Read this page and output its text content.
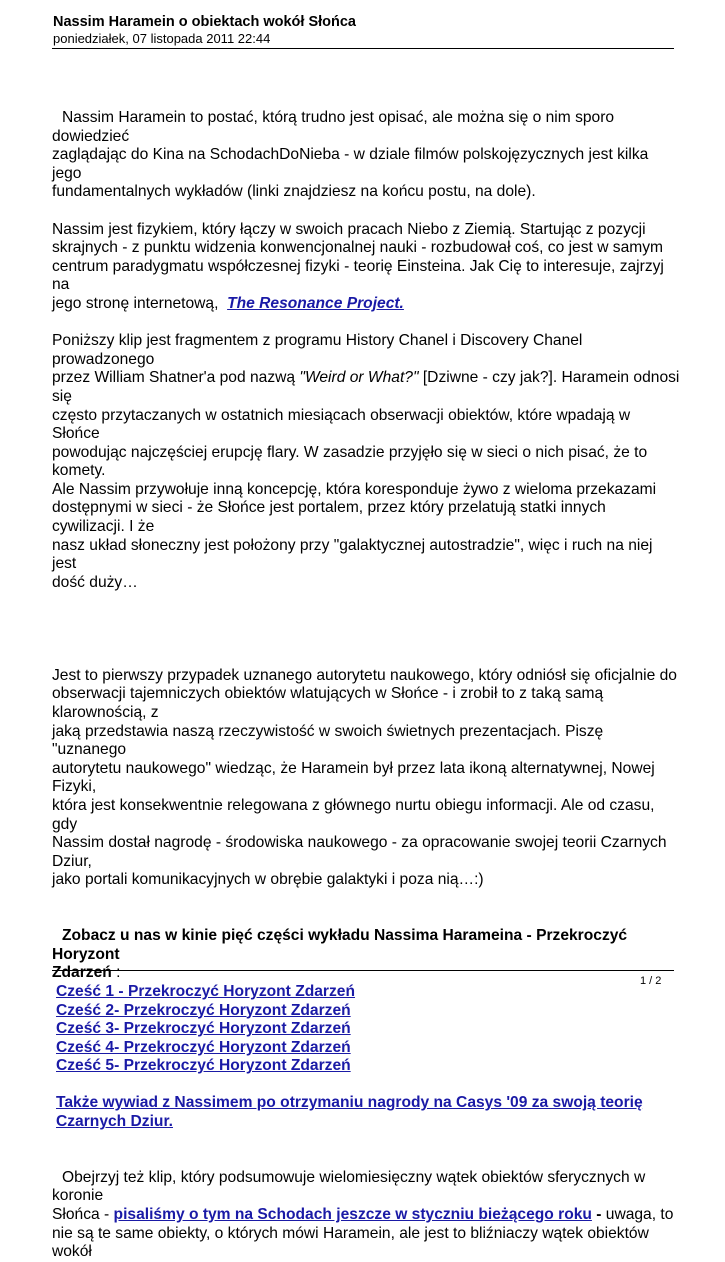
Nassim Haramein o obiektach wokół Słońca
poniedziałek, 07 listopada 2011 22:44

Nassim Haramein to postać, którą trudno jest opisać, ale można się o nim sporo dowiedzieć
zaglądając do Kina na SchodachDoNieba - w dziale filmów polskojęzycznych jest kilka jego
fundamentalnych wykładów (linki znajdziesz na końcu postu, na dole).

Nassim jest fizykiem, który łączy w swoich pracach Niebo z Ziemią. Startując z pozycji
skrajnych - z punktu widzenia konwencjonalnej nauki - rozbudował coś, co jest w samym
centrum paradygmatu współczesnej fizyki - teorię Einsteina. Jak Cię to interesuje, zajrzyj na
jego stronę internetową, The Resonance Project.

Poniższy klip jest fragmentem z programu History Chanel i Discovery Chanel prowadzonego
przez William Shatner'a pod nazwą "Weird or What?" [Dziwne - czy jak?]. Haramein odnosi się
często przytaczanych w ostatnich miesiącach obserwacji obiektów, które wpadają w Słońce
powodując najczęściej erupcję flary. W zasadzie przyjęło się w sieci o nich pisać, że to komety.
Ale Nassim przywołuje inną koncepcję, która koresponduje żywo z wieloma przekazami
dostępnymi w sieci - że Słońce jest portalem, przez który przelatują statki innych cywilizacji. I że
nasz układ słoneczny jest położony przy "galaktycznej autostradzie", więc i ruch na niej jest
dość duży…

Jest to pierwszy przypadek uznanego autorytetu naukowego, który odniósł się oficjalnie do
obserwacji tajemniczych obiektów wlatujących w Słońce - i zrobił to z taką samą klarownością, z
jaką przedstawia naszą rzeczywistość w swoich świetnych prezentacjach. Piszę "uznanego
autorytetu naukowego" wiedząc, że Haramein był przez lata ikoną alternatywnej, Nowej Fizyki,
która jest konsekwentnie relegowana z głównego nurtu obiegu informacji. Ale od czasu, gdy
Nassim dostał nagrodę - środowiska naukowego - za opracowanie swojej teorii Czarnych Dziur,
jako portali komunikacyjnych w obrębie galaktyki i poza nią…:)

Zobacz u nas w kinie pięć części wykładu Nassima Harameina - Przekroczyć Horyzont
Zdarzeń :

Cześć 1 - Przekroczyć Horyzont Zdarzeń
Cześć 2- Przekroczyć Horyzont Zdarzeń
Cześć 3- Przekroczyć Horyzont Zdarzeń
Cześć 4- Przekroczyć Horyzont Zdarzeń
Cześć 5- Przekroczyć Horyzont Zdarzeń

Także wywiad z Nassimem po otrzymaniu nagrody na Casys '09 za swoją teorię
Czarnych Dziur.

Obejrzyj też klip, który podsumowuje wielomiesięczny wątek obiektów sferycznych w koronie
Słońca - pisaliśmy o tym na Schodach jeszcze w styczniu bieżącego roku - uwaga, to
nie są te same obiekty, o których mówi Haramein, ale jest to bliźniaczy wątek obiektów wokół

1 / 2
